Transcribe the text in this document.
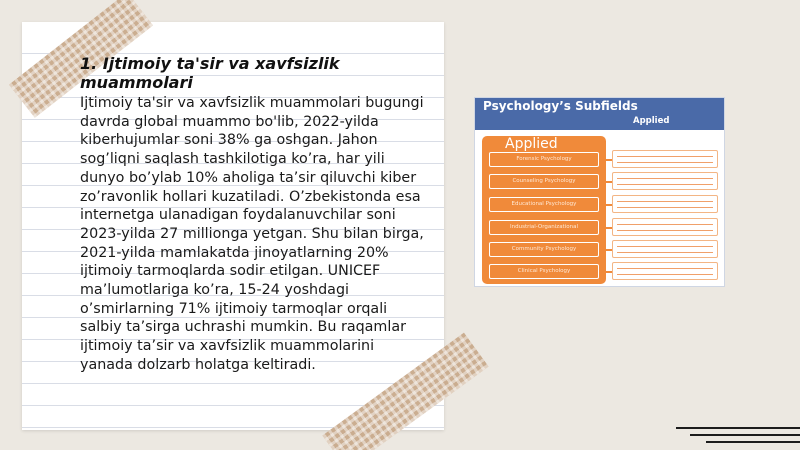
1. Ijtimoiy ta'sir va xavfsizlik muammolari
Ijtimoiy ta'sir va xavfsizlik muammolari bugungi davrda global muammo bo'lib, 2022-yilda kiberhujumlar soni 38% ga oshgan. Jahon sog’liqni saqlash tashkilotiga ko’ra, har yili dunyo bo’ylab 10% aholiga ta’sir qiluvchi kiber zo’ravonlik hollari kuzatiladi. O’zbekistonda esa internetga ulanadigan foydalanuvchilar soni 2023-yilda 27 millionga yetgan. Shu bilan birga, 2021-yilda mamlakatda jinoyatlarning 20% ijtimoiy tarmoqlarda sodir etilgan. UNICEF ma’lumotlariga ko’ra, 15-24 yoshdagi o’smirlarning 71% ijtimoiy tarmoqlar orqali salbiy ta’sirga uchrashi mumkin. Bu raqamlar ijtimoiy ta’sir va xavfsizlik muammolarini yanada dolzarb holatga keltiradi.
Psychology’s Subfields
Applied
Applied
Forensic Psychology
Counseling Psychology
Educational Psychology
Industrial-Organizational
Community Psychology
Clinical Psychology
